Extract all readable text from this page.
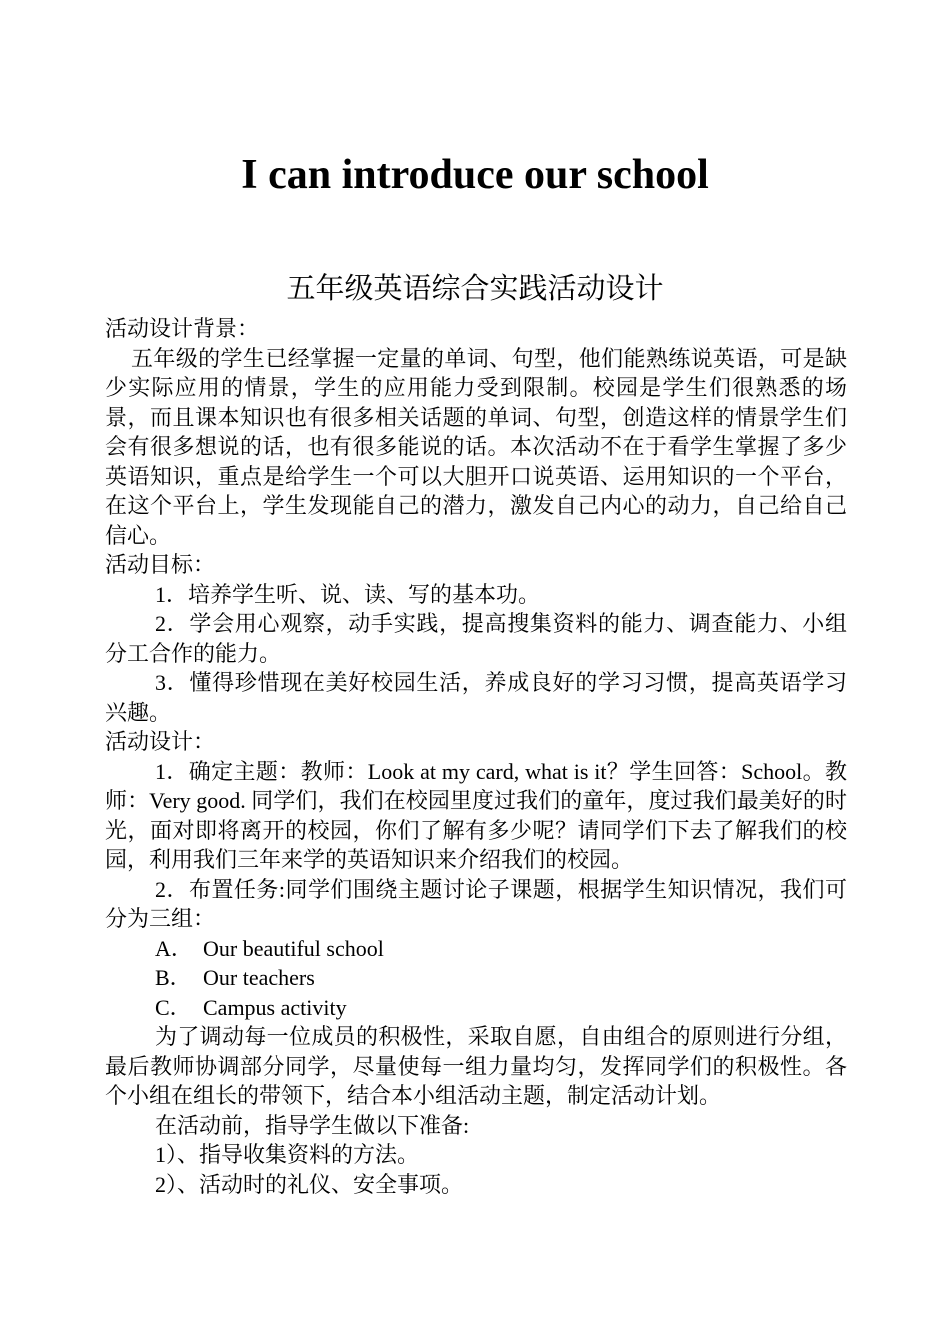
I can introduce our school
五年级英语综合实践活动设计

活动设计背景：

五年级的学生已经掌握一定量的单词、句型，他们能熟练说英语，可是缺少实际应用的情景，学生的应用能力受到限制。校园是学生们很熟悉的场景，而且课本知识也有很多相关话题的单词、句型，创造这样的情景学生们会有很多想说的话，也有很多能说的话。本次活动不在于看学生掌握了多少英语知识，重点是给学生一个可以大胆开口说英语、运用知识的一个平台，在这个平台上，学生发现能自己的潜力，激发自己内心的动力，自己给自己信心。

活动目标：

1．培养学生听、说、读、写的基本功。

2．学会用心观察，动手实践，提高搜集资料的能力、调查能力、小组分工合作的能力。

3．懂得珍惜现在美好校园生活，养成良好的学习习惯，提高英语学习兴趣。

活动设计：

1．确定主题：教师：Look at my card, what is it？学生回答：School。教师：Very good. 同学们，我们在校园里度过我们的童年，度过我们最美好的时光，面对即将离开的校园，你们了解有多少呢？请同学们下去了解我们的校园，利用我们三年来学的英语知识来介绍我们的校园。

2．布置任务:同学们围绕主题讨论子课题，根据学生知识情况，我们可分为三组：

A． Our beautiful school

B． Our teachers

C． Campus activity

为了调动每一位成员的积极性，采取自愿，自由组合的原则进行分组，最后教师协调部分同学，尽量使每一组力量均匀，发挥同学们的积极性。各个小组在组长的带领下，结合本小组活动主题，制定活动计划。

在活动前，指导学生做以下准备:

1）、指导收集资料的方法。

2）、活动时的礼仪、安全事项。
